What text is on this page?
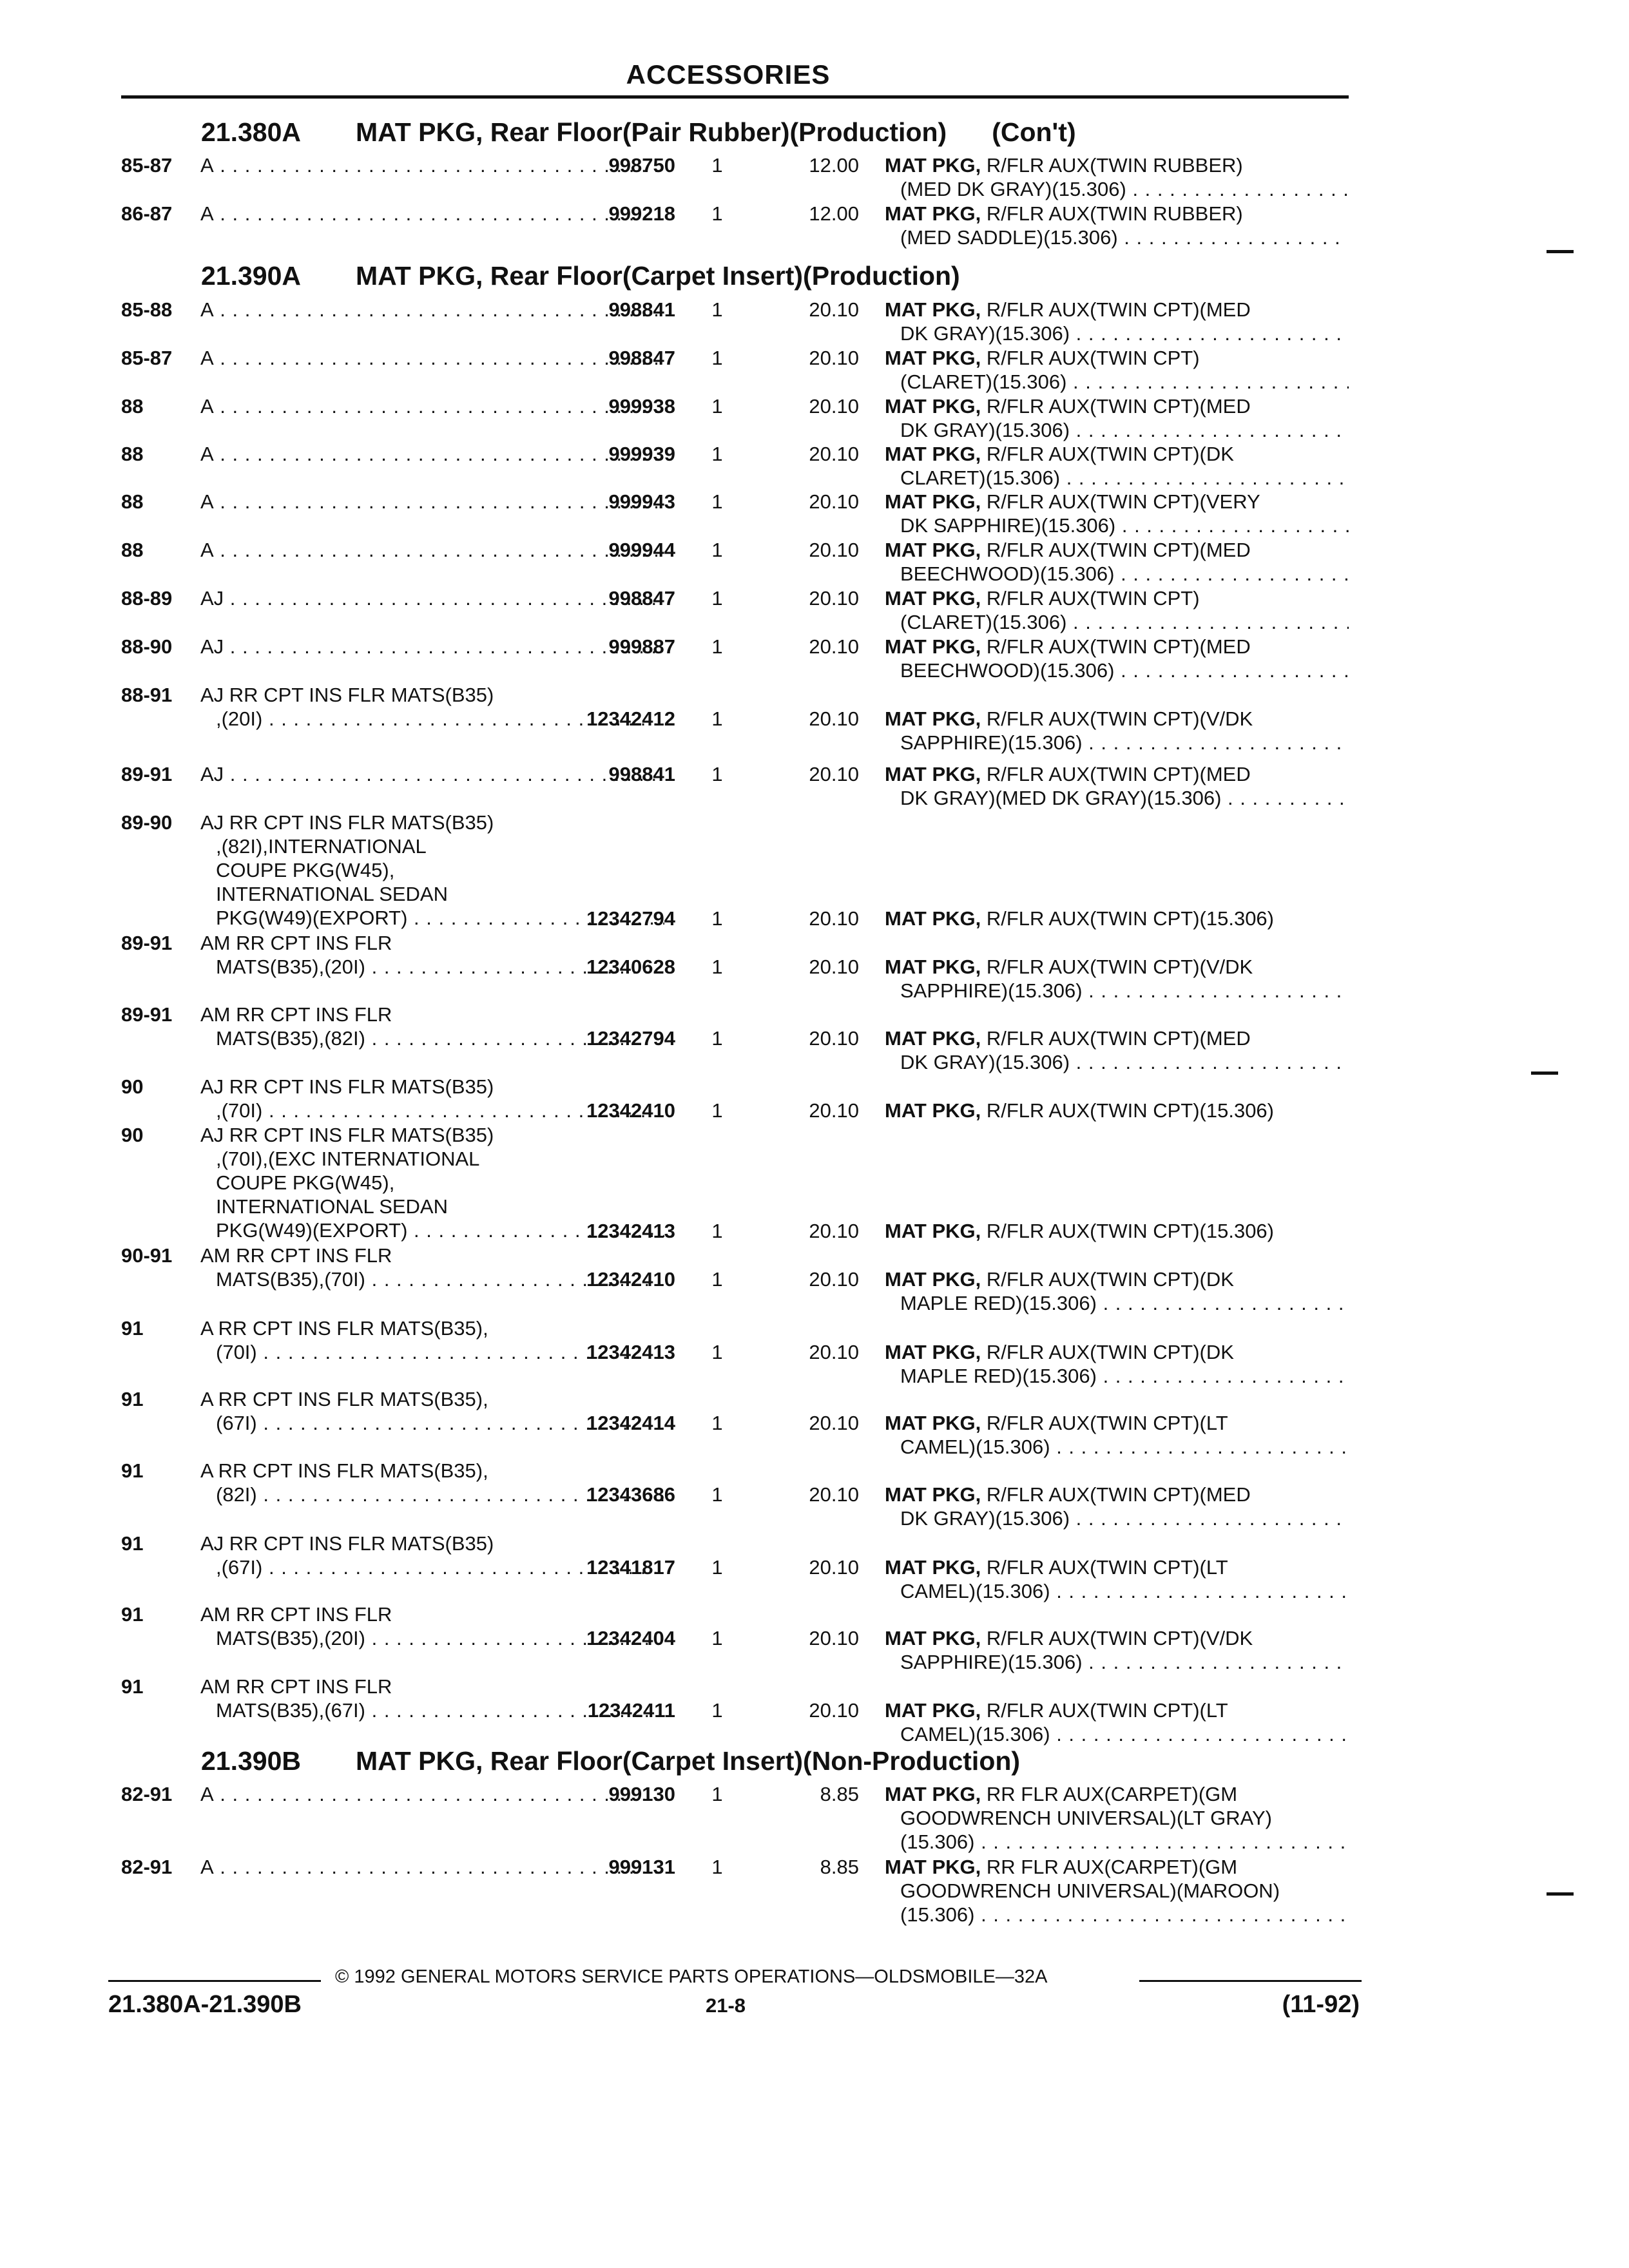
ACCESSORIES
21.380A MAT PKG, Rear Floor(Pair Rubber)(Production) (Con't)
85-87 A . . .	998750 1	12.00 MAT PKG, R/FLR AUX(TWIN RUBBER)
(MED DK GRAY)(15.306) . . .
86-87 A . . .	999218 1	12.00 MAT PKG, R/FLR AUX(TWIN RUBBER)
(MED SADDLE)(15.306) . . .
21.390A MAT PKG, Rear Floor(Carpet Insert)(Production)
85-88 A . . .	998841 1	20.10 MAT PKG, R/FLR AUX(TWIN CPT)(MED
DK GRAY)(15.306) . . .
85-87 A . . .	998847 1	20.10 MAT PKG, R/FLR AUX(TWIN CPT)
(CLARET)(15.306) . . .
88	A . . .	999938 1	20.10 MAT PKG, R/FLR AUX(TWIN CPT)(MED
DK GRAY)(15.306) . . .
88	A . . .	999939 1	20.10 MAT PKG, R/FLR AUX(TWIN CPT)(DK
CLARET)(15.306) . . .
88	A . . .	999943 1	20.10 MAT PKG, R/FLR AUX(TWIN CPT)(VERY
DK SAPPHIRE)(15.306) . . .
88	A . . .	999944 1	20.10 MAT PKG, R/FLR AUX(TWIN CPT)(MED
BEECHWOOD)(15.306) . . .
88-89 AJ . . .	998847 1	20.10 MAT PKG, R/FLR AUX(TWIN CPT)
(CLARET)(15.306) . . .
88-90 AJ . . .	999887 1	20.10 MAT PKG, R/FLR AUX(TWIN CPT)(MED
BEECHWOOD)(15.306) . . .
88-91 AJ RR CPT INS FLR MATS(B35)
,(20I) . . .	12342412 1	20.10 MAT PKG, R/FLR AUX(TWIN CPT)(V/DK
SAPPHIRE)(15.306) . . .
89-91 AJ . . .	998841 1	20.10 MAT PKG, R/FLR AUX(TWIN CPT)(MED
DK GRAY)(MED DK GRAY)(15.306) . . .
89-90 AJ RR CPT INS FLR MATS(B35)
,(82I),INTERNATIONAL
COUPE PKG(W45),
INTERNATIONAL SEDAN
PKG(W49)(EXPORT) . . .	12342794 1	20.10 MAT PKG, R/FLR AUX(TWIN CPT)(15.306)
89-91 AM RR CPT INS FLR
MATS(B35),(20I) . . .	12340628 1	20.10 MAT PKG, R/FLR AUX(TWIN CPT)(V/DK
SAPPHIRE)(15.306) . . .
89-91 AM RR CPT INS FLR
MATS(B35),(82I) . . .	12342794 1	20.10 MAT PKG, R/FLR AUX(TWIN CPT)(MED
DK GRAY)(15.306) . . .
90	AJ RR CPT INS FLR MATS(B35)
,(70I) . . .	12342410 1	20.10 MAT PKG, R/FLR AUX(TWIN CPT)(15.306)
90	AJ RR CPT INS FLR MATS(B35)
,(70I),(EXC INTERNATIONAL
COUPE PKG(W45),
INTERNATIONAL SEDAN
PKG(W49)(EXPORT) . . .	12342413 1	20.10 MAT PKG, R/FLR AUX(TWIN CPT)(15.306)
90-91 AM RR CPT INS FLR
MATS(B35),(70I) . . .	12342410 1	20.10 MAT PKG, R/FLR AUX(TWIN CPT)(DK
MAPLE RED)(15.306) . . .
91	A RR CPT INS FLR MATS(B35),
(70I) . . .	12342413 1	20.10 MAT PKG, R/FLR AUX(TWIN CPT)(DK
MAPLE RED)(15.306) . . .
91	A RR CPT INS FLR MATS(B35),
(67I) . . .	12342414 1	20.10 MAT PKG, R/FLR AUX(TWIN CPT)(LT
CAMEL)(15.306) . . .
91	A RR CPT INS FLR MATS(B35),
(82I) . . .	12343686 1	20.10 MAT PKG, R/FLR AUX(TWIN CPT)(MED
DK GRAY)(15.306) . . .
91	AJ RR CPT INS FLR MATS(B35)
,(67I) . . .	12341817 1	20.10 MAT PKG, R/FLR AUX(TWIN CPT)(LT
CAMEL)(15.306) . . .
91	AM RR CPT INS FLR
MATS(B35),(20I) . . .	12342404 1	20.10 MAT PKG, R/FLR AUX(TWIN CPT)(V/DK
SAPPHIRE)(15.306) . . .
91	AM RR CPT INS FLR
MATS(B35),(67I) . . .	12342411 1	20.10 MAT PKG, R/FLR AUX(TWIN CPT)(LT
CAMEL)(15.306) . . .
21.390B MAT PKG, Rear Floor(Carpet Insert)(Non-Production)
82-91 A . . .	999130 1	8.85 MAT PKG, RR FLR AUX(CARPET)(GM
GOODWRENCH UNIVERSAL)(LT GRAY)
(15.306) . . .
82-91 A . . .	999131 1	8.85 MAT PKG, RR FLR AUX(CARPET)(GM
GOODWRENCH UNIVERSAL)(MAROON)
(15.306) . . .
© 1992 GENERAL MOTORS SERVICE PARTS OPERATIONS—OLDSMOBILE—32A
21.380A-21.390B	21-8	(11-92)
